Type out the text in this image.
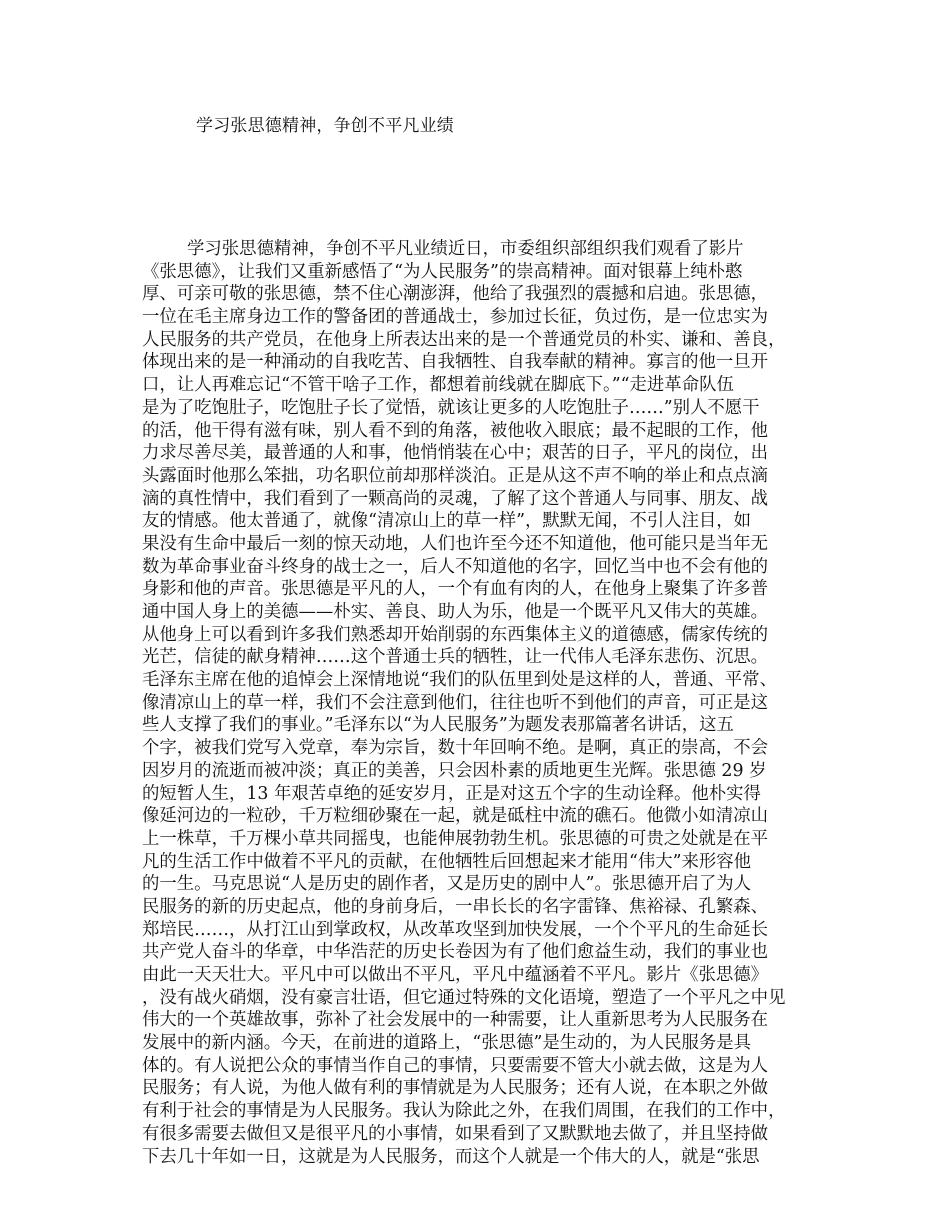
学习张思德精神，争创不平凡业绩
学习张思德精神，争创不平凡业绩近日，市委组织部组织我们观看了影片
《张思德》，让我们又重新感悟了“为人民服务”的崇高精神。面对银幕上纯朴憨
厚、可亲可敬的张思德，禁不住心潮澎湃，他给了我强烈的震撼和启迪。张思德，
一位在毛主席身边工作的警备团的普通战士，参加过长征，负过伤，是一位忠实为
人民服务的共产党员，在他身上所表达出来的是一个普通党员的朴实、谦和、善良，
体现出来的是一种涌动的自我吃苦、自我牺牲、自我奉献的精神。寡言的他一旦开
口，让人再难忘记“不管干啥子工作，都想着前线就在脚底下。”“走进革命队伍
是为了吃饱肚子，吃饱肚子长了觉悟，就该让更多的人吃饱肚子……”别人不愿干
的活，他干得有滋有味，别人看不到的角落，被他收入眼底；最不起眼的工作，他
力求尽善尽美，最普通的人和事，他悄悄装在心中；艰苦的日子，平凡的岗位，出
头露面时他那么笨拙，功名职位前却那样淡泊。正是从这不声不响的举止和点点滴
滴的真性情中，我们看到了一颗高尚的灵魂，了解了这个普通人与同事、朋友、战
友的情感。他太普通了，就像“清凉山上的草一样”，默默无闻，不引人注目，如
果没有生命中最后一刻的惊天动地，人们也许至今还不知道他，他可能只是当年无
数为革命事业奋斗终身的战士之一，后人不知道他的名字，回忆当中也不会有他的
身影和他的声音。张思德是平凡的人，一个有血有肉的人，在他身上聚集了许多普
通中国人身上的美德——朴实、善良、助人为乐，他是一个既平凡又伟大的英雄。
从他身上可以看到许多我们熟悉却开始削弱的东西集体主义的道德感，儒家传统的
光芒，信徒的献身精神……这个普通士兵的牺牲，让一代伟人毛泽东悲伤、沉思。
毛泽东主席在他的追悼会上深情地说“我们的队伍里到处是这样的人，普通、平常、
像清凉山上的草一样，我们不会注意到他们，往往也听不到他们的声音，可正是这
些人支撑了我们的事业。”毛泽东以“为人民服务”为题发表那篇著名讲话，这五
个字，被我们党写入党章，奉为宗旨，数十年回响不绝。是啊，真正的崇高，不会
因岁月的流逝而被冲淡；真正的美善，只会因朴素的质地更生光辉。张思德 29 岁
的短暂人生，13 年艰苦卓绝的延安岁月，正是对这五个字的生动诠释。他朴实得
像延河边的一粒砂，千万粒细砂聚在一起，就是砥柱中流的礁石。他微小如清凉山
上一株草，千万棵小草共同摇曳，也能伸展勃勃生机。张思德的可贵之处就是在平
凡的生活工作中做着不平凡的贡献，在他牺牲后回想起来才能用“伟大”来形容他
的一生。马克思说“人是历史的剧作者，又是历史的剧中人”。张思德开启了为人
民服务的新的历史起点，他的身前身后，一串长长的名字雷锋、焦裕禄、孔繁森、
郑培民……，从打江山到掌政权，从改革攻坚到加快发展，一个个平凡的生命延长
共产党人奋斗的华章，中华浩茫的历史长卷因为有了他们愈益生动，我们的事业也
由此一天天壮大。平凡中可以做出不平凡，平凡中蕴涵着不平凡。影片《张思德》
，没有战火硝烟，没有豪言壮语，但它通过特殊的文化语境，塑造了一个平凡之中见
伟大的一个英雄故事，弥补了社会发展中的一种需要，让人重新思考为人民服务在
发展中的新内涵。今天，在前进的道路上，“张思德”是生动的，为人民服务是具
体的。有人说把公众的事情当作自己的事情，只要需要不管大小就去做，这是为人
民服务；有人说，为他人做有利的事情就是为人民服务；还有人说，在本职之外做
有利于社会的事情是为人民服务。我认为除此之外，在我们周围，在我们的工作中，
有很多需要去做但又是很平凡的小事情，如果看到了又默默地去做了，并且坚持做
下去几十年如一日，这就是为人民服务，而这个人就是一个伟大的人，就是“张思
